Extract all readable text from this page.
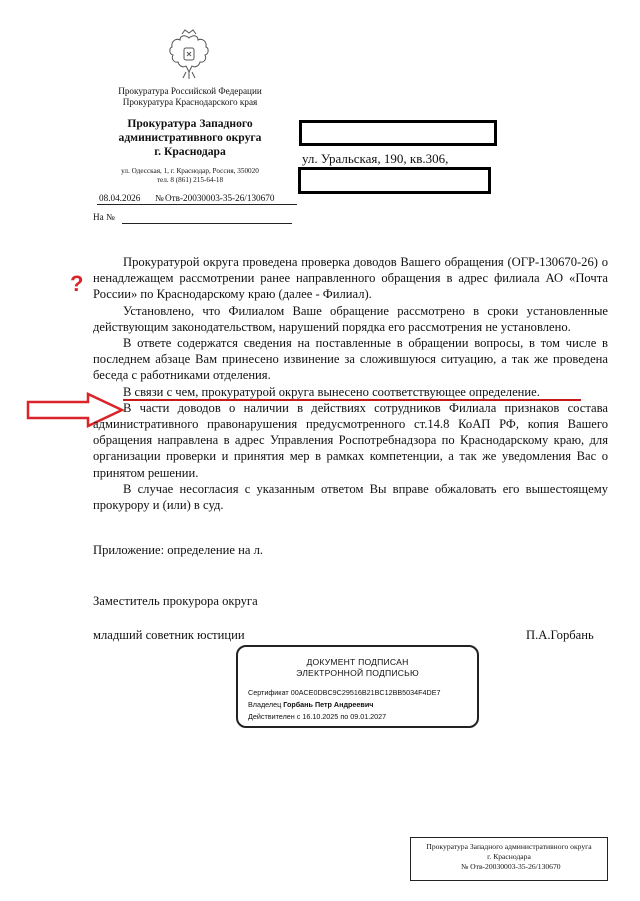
Прокуратура Российской Федерации
Прокуратура Краснодарского края
Прокуратура Западного
административного округа
г. Краснодара
ул. Одесская, 1, г. Краснодар, Россия, 350020
тел. 8 (861) 215-64-18
08.04.2026 № Отв-20030003-35-26/130670
На №
ул. Уральская, 190, кв.306,
?

Прокуратурой округа проведена проверка доводов Вашего обращения (ОГР-130670-26) о ненадлежащем рассмотрении ранее направленного обращения в адрес филиала АО «Почта России» по Краснодарскому краю (далее - Филиал).

Установлено, что Филиалом Ваше обращение рассмотрено в сроки установленные действующим законодательством, нарушений порядка его рассмотрения не установлено.

В ответе содержатся сведения на поставленные в обращении вопросы, в том числе в последнем абзаце Вам принесено извинение за сложившуюся ситуацию, а так же проведена беседа с работниками отделения.

В связи с чем, прокуратурой округа вынесено соответствующее определение.

В части доводов о наличии в действиях сотрудников Филиала признаков состава административного правонарушения предусмотренного ст.14.8 КоАП РФ, копия Вашего обращения направлена в адрес Управления Роспотребнадзора по Краснодарскому краю, для организации проверки и принятия мер в рамках компетенции, а так же уведомления Вас о принятом решении.

В случае несогласия с указанным ответом Вы вправе обжаловать его вышестоящему прокурору и (или) в суд.

Приложение: определение на л.
Заместитель прокурора округа
младший советник юстиции	П.А.Горбань
ДОКУМЕНТ ПОДПИСАН
ЭЛЕКТРОННОЙ ПОДПИСЬЮ
Сертификат 00ACE0DBC9C29516B21BC12BB5034F4DE7
Владелец Горбань Петр Андреевич
Действителен с 16.10.2025 по 09.01.2027
Прокуратура Западного административного округа
г. Краснодара
№ Отв-20030003-35-26/130670
